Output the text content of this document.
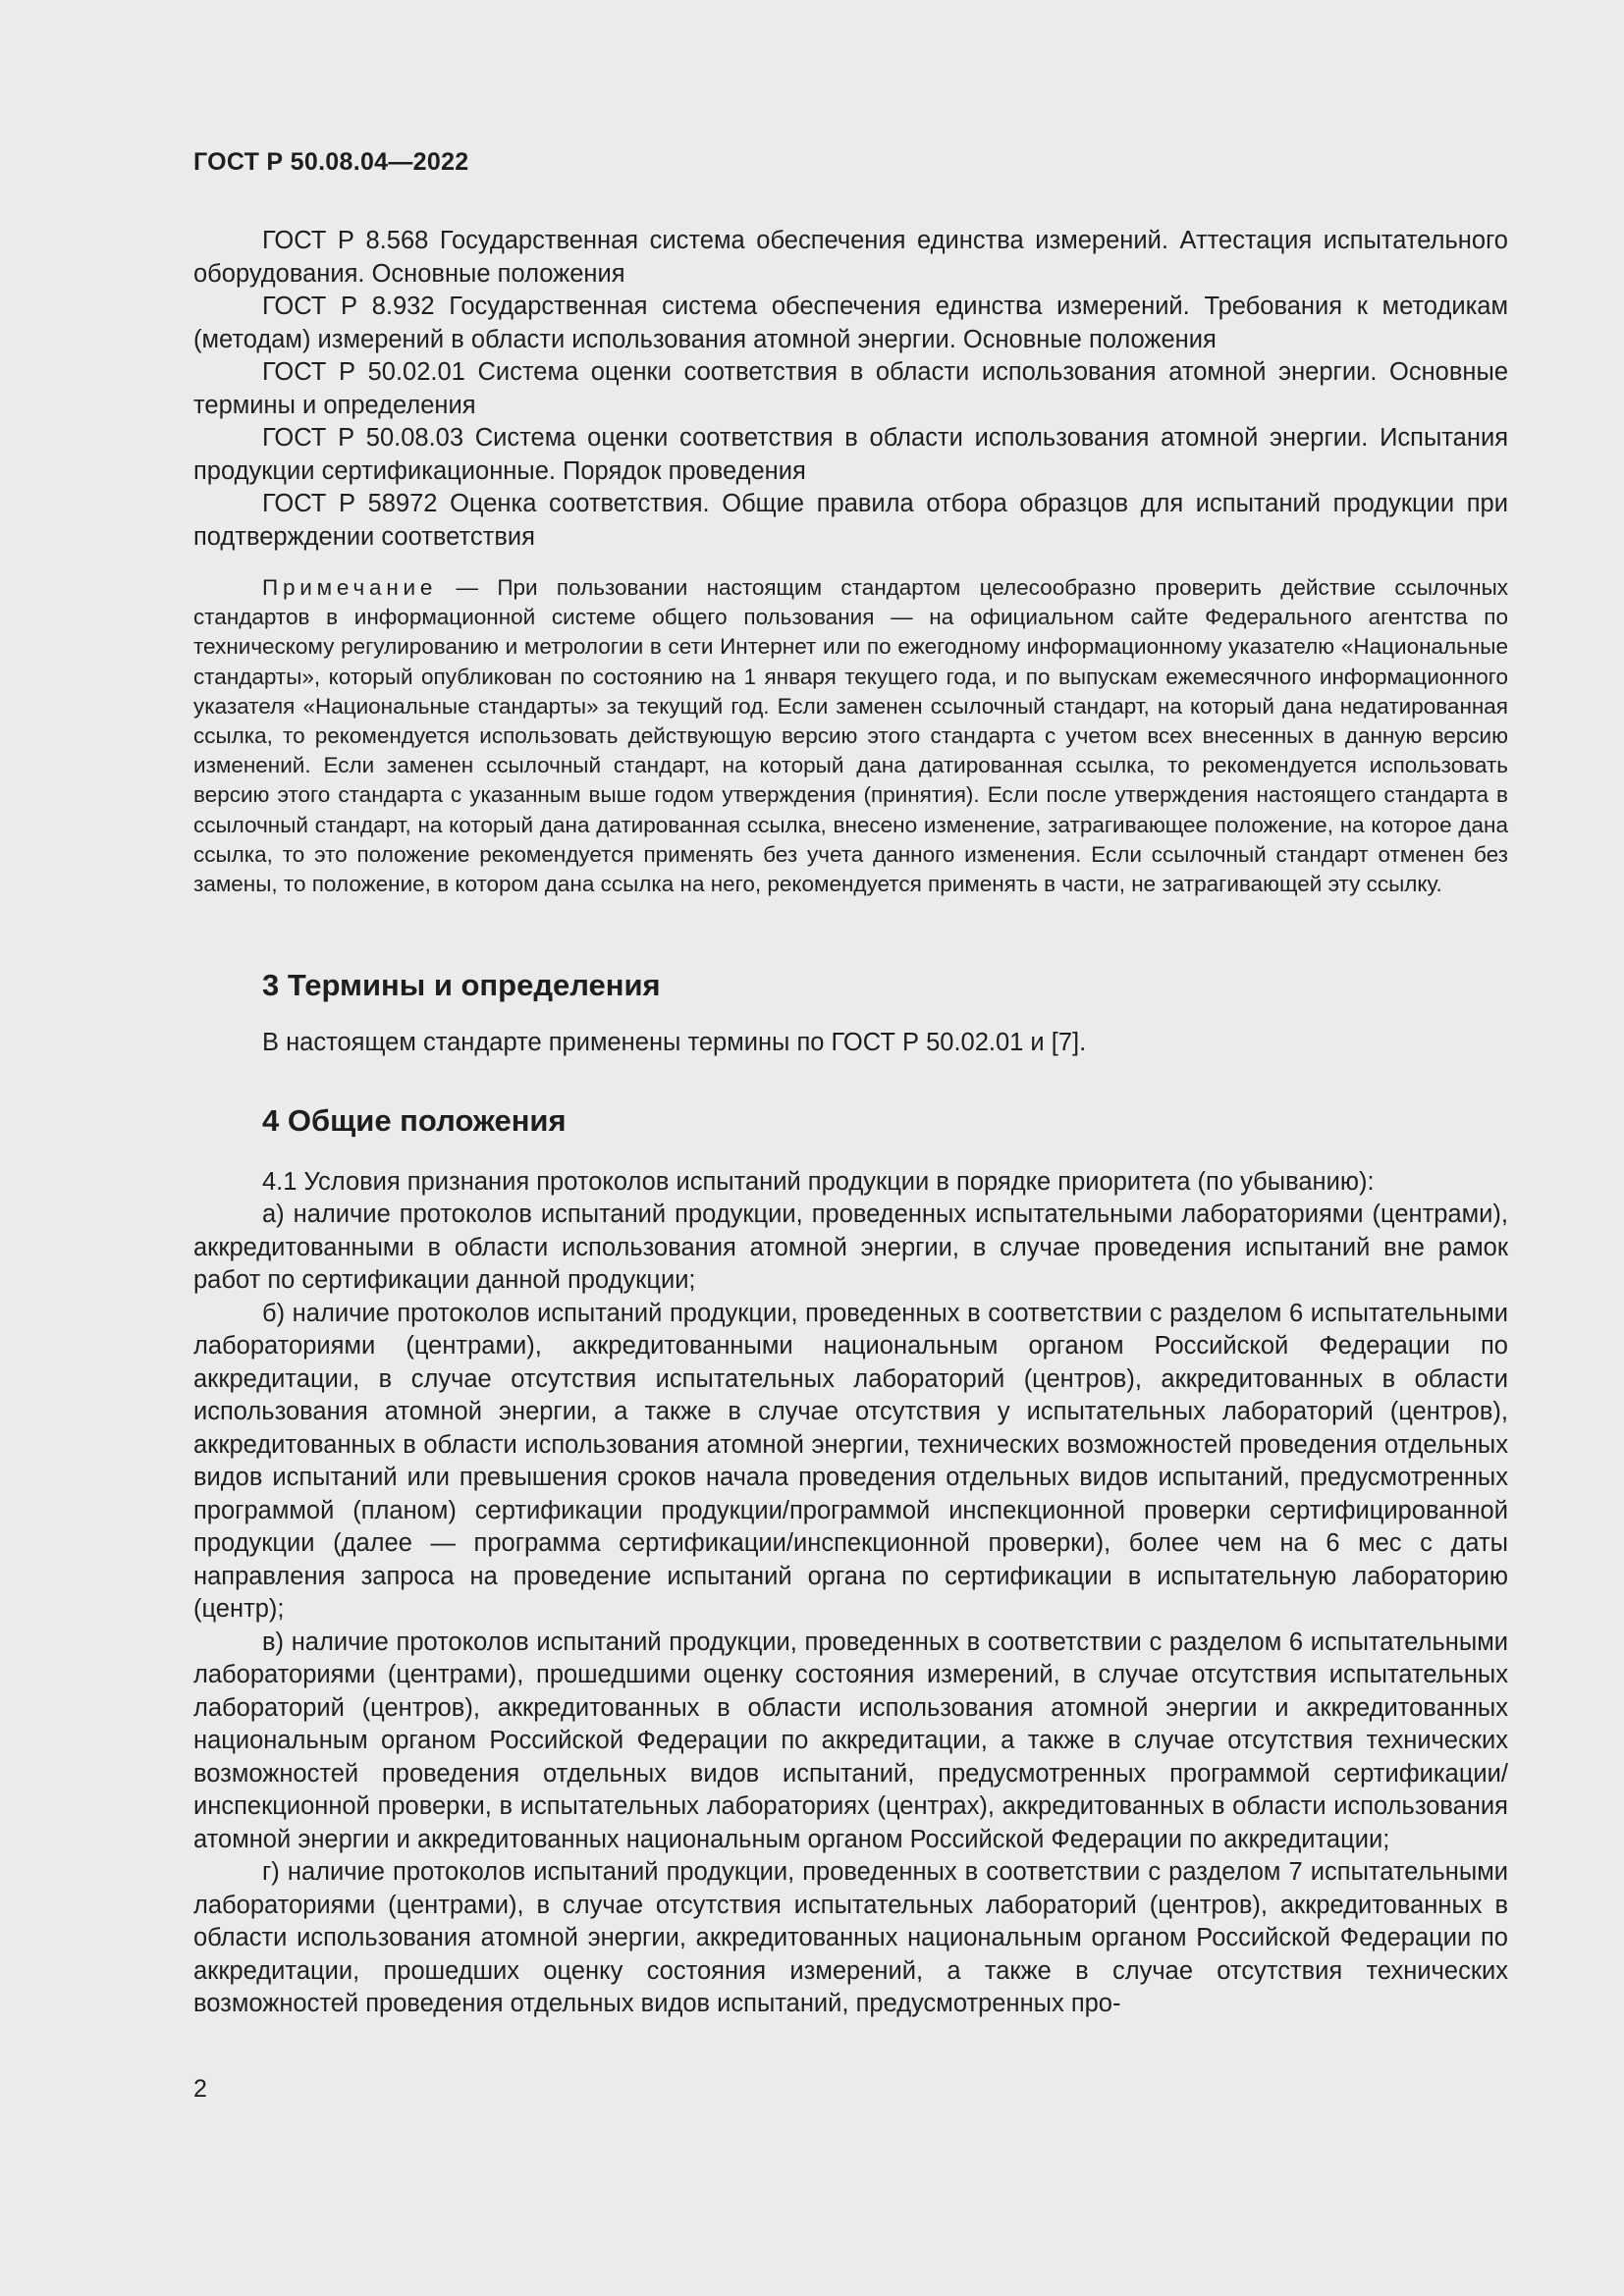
ГОСТ Р 50.08.04—2022

ГОСТ Р 8.568 Государственная система обеспечения единства измерений. Аттестация испытательного оборудования. Основные положения

ГОСТ Р 8.932 Государственная система обеспечения единства измерений. Требования к методикам (методам) измерений в области использования атомной энергии. Основные положения

ГОСТ Р 50.02.01 Система оценки соответствия в области использования атомной энергии. Основные термины и определения

ГОСТ Р 50.08.03 Система оценки соответствия в области использования атомной энергии. Испытания продукции сертификационные. Порядок проведения

ГОСТ Р 58972 Оценка соответствия. Общие правила отбора образцов для испытаний продукции при подтверждении соответствия

Примечание — При пользовании настоящим стандартом целесообразно проверить действие ссылочных стандартов в информационной системе общего пользования — на официальном сайте Федерального агентства по техническому регулированию и метрологии в сети Интернет или по ежегодному информационному указателю «Национальные стандарты», который опубликован по состоянию на 1 января текущего года, и по выпускам ежемесячного информационного указателя «Национальные стандарты» за текущий год. Если заменен ссылочный стандарт, на который дана недатированная ссылка, то рекомендуется использовать действующую версию этого стандарта с учетом всех внесенных в данную версию изменений. Если заменен ссылочный стандарт, на который дана датированная ссылка, то рекомендуется использовать версию этого стандарта с указанным выше годом утверждения (принятия). Если после утверждения настоящего стандарта в ссылочный стандарт, на который дана датированная ссылка, внесено изменение, затрагивающее положение, на которое дана ссылка, то это положение рекомендуется применять без учета данного изменения. Если ссылочный стандарт отменен без замены, то положение, в котором дана ссылка на него, рекомендуется применять в части, не затрагивающей эту ссылку.

3 Термины и определения

В настоящем стандарте применены термины по ГОСТ Р 50.02.01 и [7].

4 Общие положения

4.1 Условия признания протоколов испытаний продукции в порядке приоритета (по убыванию):

а) наличие протоколов испытаний продукции, проведенных испытательными лабораториями (центрами), аккредитованными в области использования атомной энергии, в случае проведения испытаний вне рамок работ по сертификации данной продукции;

б) наличие протоколов испытаний продукции, проведенных в соответствии с разделом 6 испытательными лабораториями (центрами), аккредитованными национальным органом Российской Федерации по аккредитации, в случае отсутствия испытательных лабораторий (центров), аккредитованных в области использования атомной энергии, а также в случае отсутствия у испытательных лабораторий (центров), аккредитованных в области использования атомной энергии, технических возможностей проведения отдельных видов испытаний или превышения сроков начала проведения отдельных видов испытаний, предусмотренных программой (планом) сертификации продукции/программой инспекционной проверки сертифицированной продукции (далее — программа сертификации/инспекционной проверки), более чем на 6 мес с даты направления запроса на проведение испытаний органа по сертификации в испытательную лабораторию (центр);

в) наличие протоколов испытаний продукции, проведенных в соответствии с разделом 6 испытательными лабораториями (центрами), прошедшими оценку состояния измерений, в случае отсутствия испытательных лабораторий (центров), аккредитованных в области использования атомной энергии и аккредитованных национальным органом Российской Федерации по аккредитации, а также в случае отсутствия технических возможностей проведения отдельных видов испытаний, предусмотренных программой сертификации/инспекционной проверки, в испытательных лабораториях (центрах), аккредитованных в области использования атомной энергии и аккредитованных национальным органом Российской Федерации по аккредитации;

г) наличие протоколов испытаний продукции, проведенных в соответствии с разделом 7 испытательными лабораториями (центрами), в случае отсутствия испытательных лабораторий (центров), аккредитованных в области использования атомной энергии, аккредитованных национальным органом Российской Федерации по аккредитации, прошедших оценку состояния измерений, а также в случае отсутствия технических возможностей проведения отдельных видов испытаний, предусмотренных про-

2
